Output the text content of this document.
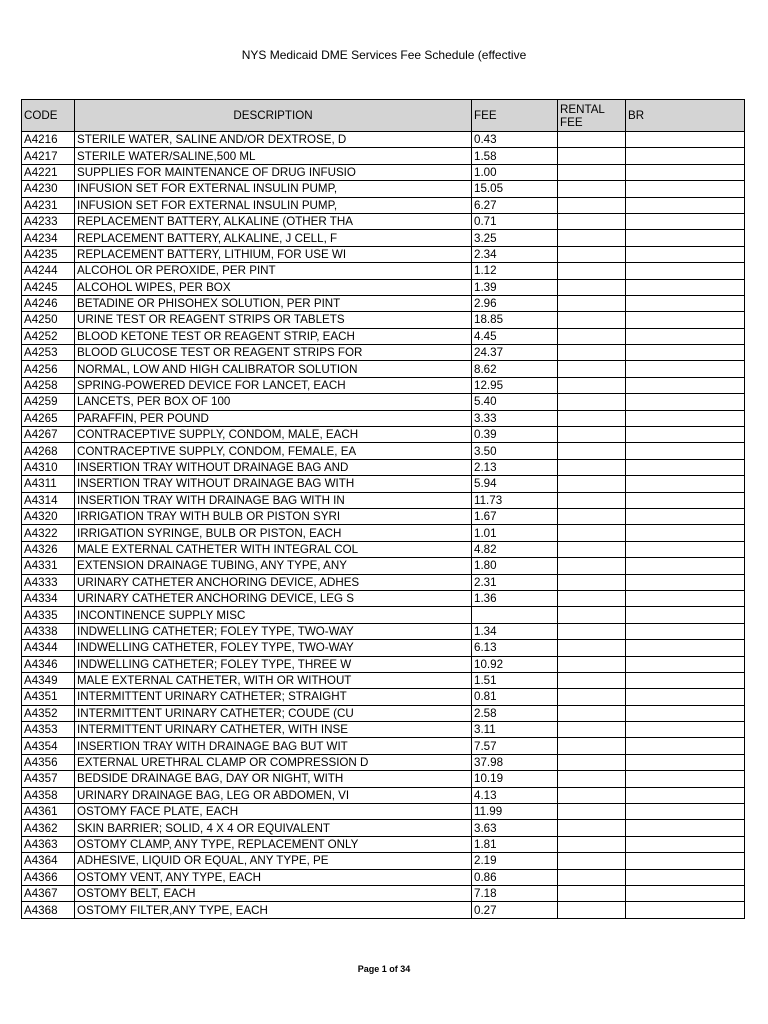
NYS Medicaid DME Services Fee Schedule (effective
CODE	DESCRIPTION	FEE	RENTAL FEE	BR
A4216	STERILE WATER, SALINE AND/OR DEXTROSE, D	0.43		
A4217	STERILE WATER/SALINE,500 ML	1.58		
A4221	SUPPLIES FOR MAINTENANCE OF DRUG INFUSIO	1.00		
A4230	INFUSION SET FOR EXTERNAL INSULIN PUMP,	15.05		
A4231	INFUSION SET FOR EXTERNAL INSULIN PUMP,	6.27		
A4233	REPLACEMENT BATTERY, ALKALINE (OTHER THA	0.71		
A4234	REPLACEMENT BATTERY, ALKALINE, J CELL, F	3.25		
A4235	REPLACEMENT BATTERY, LITHIUM, FOR USE WI	2.34		
A4244	ALCOHOL OR PEROXIDE, PER PINT	1.12		
A4245	ALCOHOL WIPES, PER BOX	1.39		
A4246	BETADINE OR PHISOHEX SOLUTION, PER PINT	2.96		
A4250	URINE TEST OR REAGENT STRIPS OR TABLETS	18.85		
A4252	BLOOD KETONE TEST OR REAGENT STRIP, EACH	4.45		
A4253	BLOOD GLUCOSE TEST OR REAGENT STRIPS FOR	24.37		
A4256	NORMAL, LOW AND HIGH CALIBRATOR SOLUTION	8.62		
A4258	SPRING-POWERED DEVICE FOR LANCET, EACH	12.95		
A4259	LANCETS, PER BOX OF 100	5.40		
A4265	PARAFFIN, PER POUND	3.33		
A4267	CONTRACEPTIVE SUPPLY, CONDOM, MALE, EACH	0.39		
A4268	CONTRACEPTIVE SUPPLY, CONDOM, FEMALE, EA	3.50		
A4310	INSERTION TRAY WITHOUT DRAINAGE BAG AND	2.13		
A4311	INSERTION TRAY WITHOUT DRAINAGE BAG WITH	5.94		
A4314	INSERTION TRAY WITH DRAINAGE BAG WITH IN	11.73		
A4320	IRRIGATION TRAY WITH BULB OR PISTON SYRI	1.67		
A4322	IRRIGATION SYRINGE, BULB OR PISTON, EACH	1.01		
A4326	MALE EXTERNAL CATHETER WITH INTEGRAL COL	4.82		
A4331	EXTENSION DRAINAGE TUBING, ANY TYPE, ANY	1.80		
A4333	URINARY CATHETER ANCHORING DEVICE, ADHES	2.31		
A4334	URINARY CATHETER ANCHORING DEVICE, LEG S	1.36		
A4335	INCONTINENCE SUPPLY MISC			
A4338	INDWELLING CATHETER; FOLEY TYPE, TWO-WAY	1.34		
A4344	INDWELLING CATHETER, FOLEY TYPE, TWO-WAY	6.13		
A4346	INDWELLING CATHETER; FOLEY TYPE, THREE W	10.92		
A4349	MALE EXTERNAL CATHETER, WITH OR WITHOUT	1.51		
A4351	INTERMITTENT URINARY CATHETER; STRAIGHT	0.81		
A4352	INTERMITTENT URINARY CATHETER; COUDE (CU	2.58		
A4353	INTERMITTENT URINARY CATHETER, WITH INSE	3.11		
A4354	INSERTION TRAY WITH DRAINAGE BAG BUT WIT	7.57		
A4356	EXTERNAL URETHRAL CLAMP OR COMPRESSION D	37.98		
A4357	BEDSIDE DRAINAGE BAG, DAY OR NIGHT, WITH	10.19		
A4358	URINARY DRAINAGE BAG, LEG OR ABDOMEN, VI	4.13		
A4361	OSTOMY FACE PLATE, EACH	11.99		
A4362	SKIN BARRIER; SOLID, 4 X 4 OR EQUIVALENT	3.63		
A4363	OSTOMY CLAMP, ANY TYPE, REPLACEMENT ONLY	1.81		
A4364	ADHESIVE, LIQUID OR EQUAL, ANY TYPE, PE	2.19		
A4366	OSTOMY VENT, ANY TYPE, EACH	0.86		
A4367	OSTOMY BELT, EACH	7.18		
A4368	OSTOMY FILTER,ANY TYPE, EACH	0.27		
Page 1 of 34
